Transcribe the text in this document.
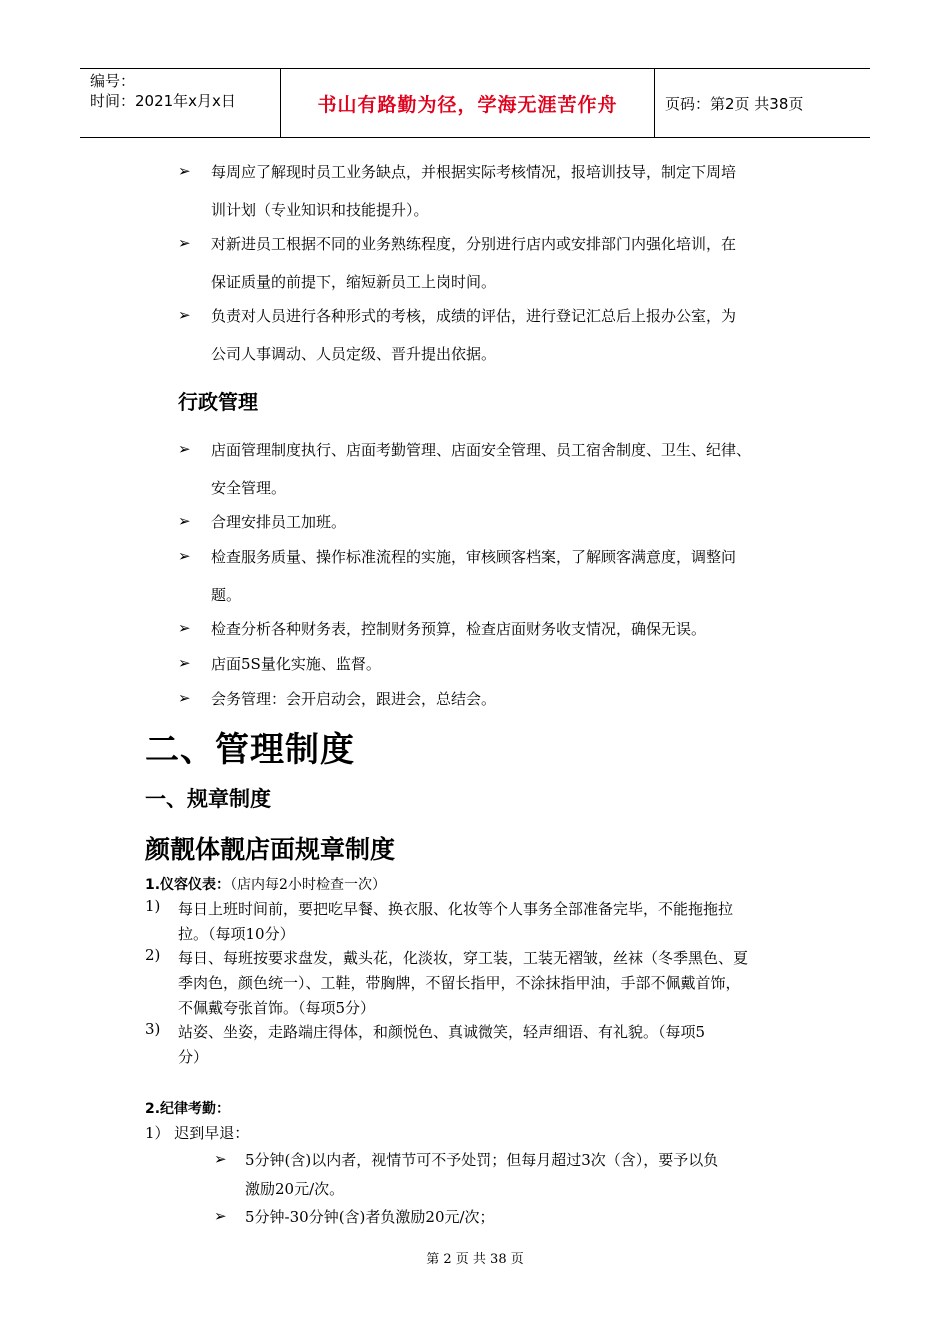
编号：
时间：2021年x月x日	书山有路勤为径，学海无涯苦作舟	页码：第2页 共38页
➢ 每周应了解现时员工业务缺点，并根据实际考核情况，报培训技导，制定下周培
训计划（专业知识和技能提升）。
➢ 对新进员工根据不同的业务熟练程度，分别进行店内或安排部门内强化培训，在
保证质量的前提下，缩短新员工上岗时间。
➢ 负责对人员进行各种形式的考核，成绩的评估，进行登记汇总后上报办公室，为
公司人事调动、人员定级、晋升提出依据。
行政管理
➢ 店面管理制度执行、店面考勤管理、店面安全管理、员工宿舍制度、卫生、纪律、
安全管理。
➢ 合理安排员工加班。
➢ 检查服务质量、操作标准流程的实施，审核顾客档案，了解顾客满意度，调整问
题。
➢ 检查分析各种财务表，控制财务预算，检查店面财务收支情况，确保无误。
➢ 店面5S量化实施、监督。
➢ 会务管理：会开启动会，跟进会，总结会。
二、管理制度
一、规章制度
颜靓体靓店面规章制度
1.仪容仪表：（店内每2小时检查一次）
1) 每日上班时间前，要把吃早餐、换衣服、化妆等个人事务全部准备完毕，不能拖拖拉
拉。（每项10分）
2) 每日、每班按要求盘发，戴头花，化淡妆，穿工装，工装无褶皱，丝袜（冬季黑色、夏
季肉色，颜色统一）、工鞋，带胸牌，不留长指甲，不涂抹指甲油，手部不佩戴首饰，
不佩戴夸张首饰。（每项5分）
3) 站姿、坐姿，走路端庄得体，和颜悦色、真诚微笑，轻声细语、有礼貌。（每项5
分）
2.纪律考勤：
1） 迟到早退：
➢ 5分钟(含)以内者，视情节可不予处罚；但每月超过3次（含），要予以负
激励20元/次。
➢ 5分钟-30分钟(含)者负激励20元/次；
第 2 页 共 38 页
